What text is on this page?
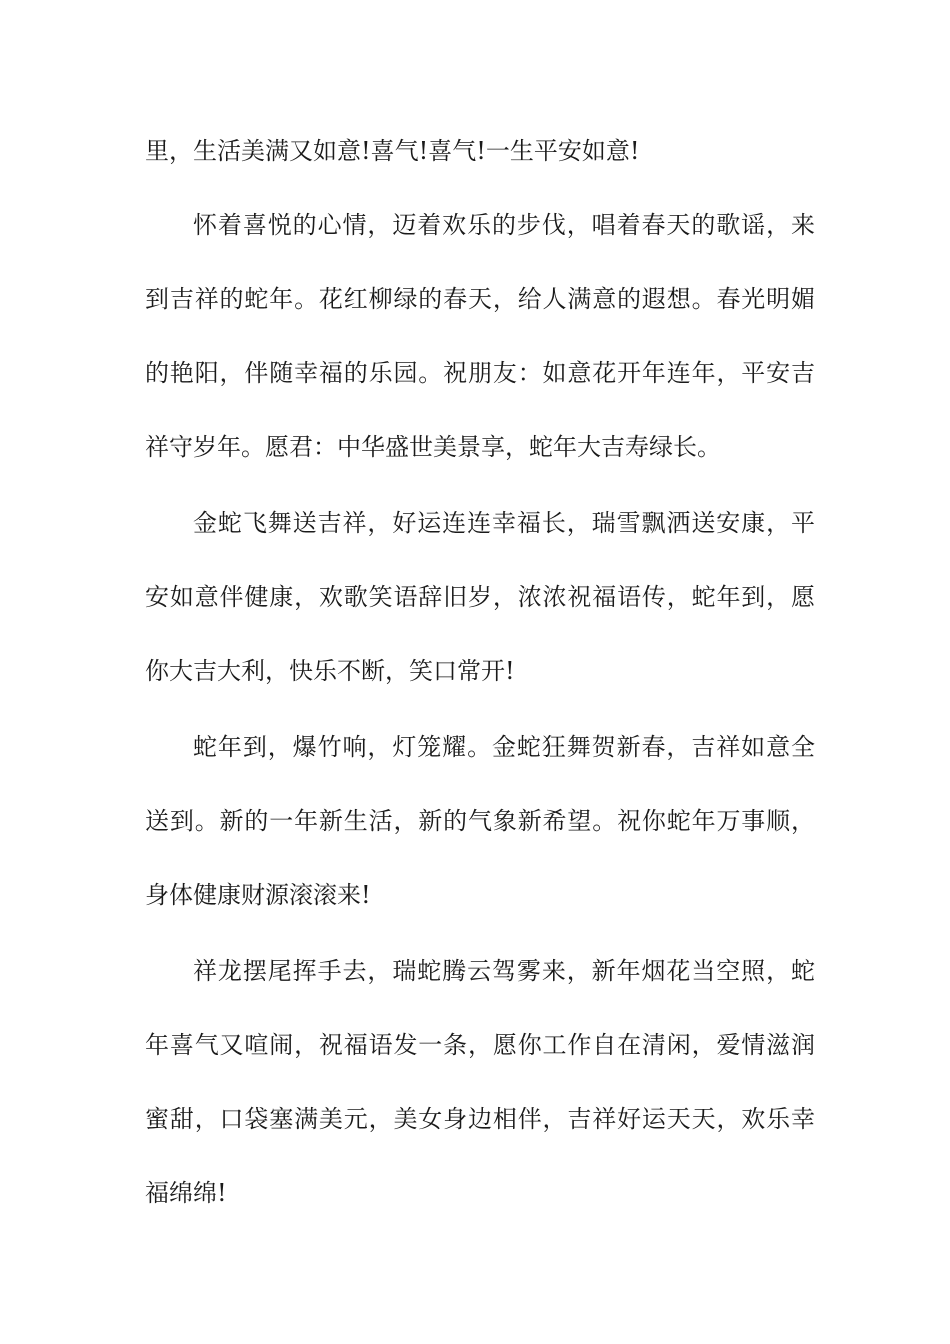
里，生活美满又如意!喜气!喜气!一生平安如意!
怀着喜悦的心情，迈着欢乐的步伐，唱着春天的歌谣，来
到吉祥的蛇年。花红柳绿的春天，给人满意的遐想。春光明媚
的艳阳，伴随幸福的乐园。祝朋友：如意花开年连年，平安吉
祥守岁年。愿君：中华盛世美景享，蛇年大吉寿绿长。
金蛇飞舞送吉祥，好运连连幸福长，瑞雪飘洒送安康，平
安如意伴健康，欢歌笑语辞旧岁，浓浓祝福语传，蛇年到，愿
你大吉大利，快乐不断，笑口常开!
蛇年到，爆竹响，灯笼耀。金蛇狂舞贺新春，吉祥如意全
送到。新的一年新生活，新的气象新希望。祝你蛇年万事顺，
身体健康财源滚滚来!
祥龙摆尾挥手去，瑞蛇腾云驾雾来，新年烟花当空照，蛇
年喜气又喧闹，祝福语发一条，愿你工作自在清闲，爱情滋润
蜜甜，口袋塞满美元，美女身边相伴，吉祥好运天天，欢乐幸
福绵绵!
